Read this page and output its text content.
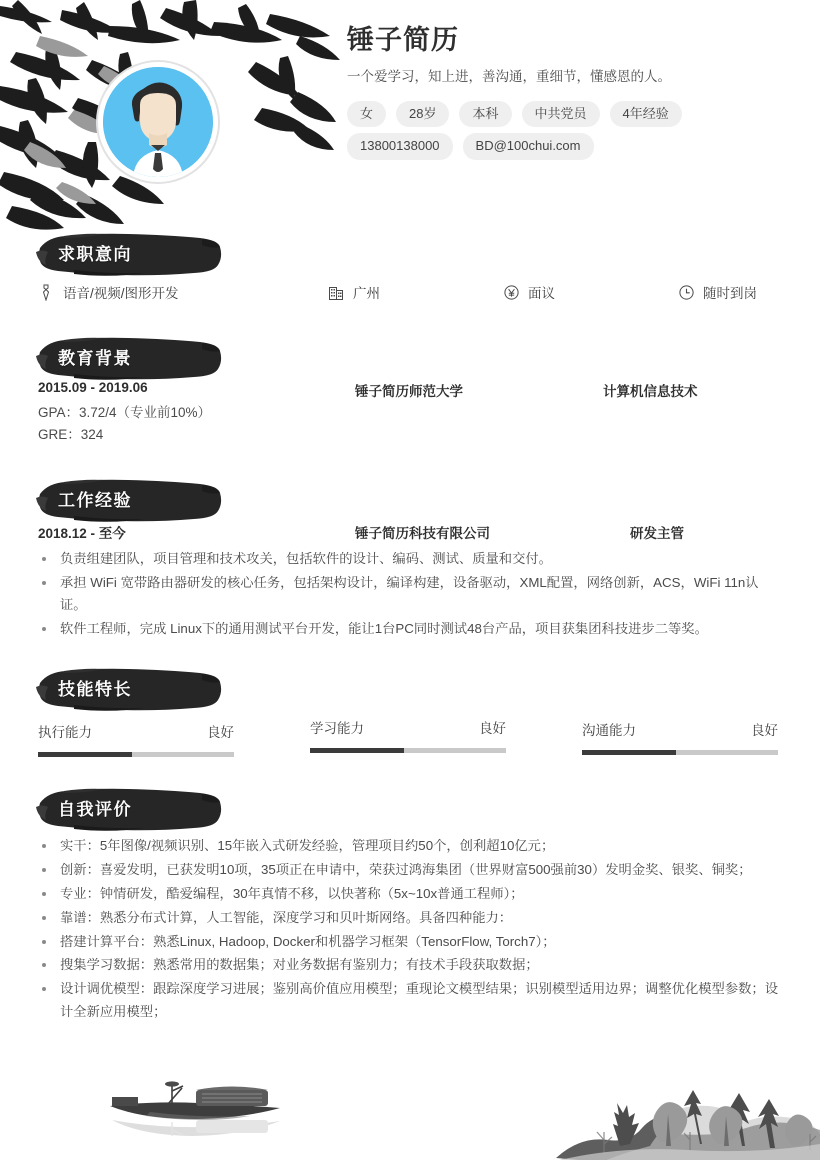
锤子简历
一个爱学习，知上进，善沟通，重细节，懂感恩的人。
女	28岁	本科	中共党员	4年经验
13800138000	BD@100chui.com
求职意向
语音/视频/图形开发	广州	面议	随时到岗
教育背景
2015.09 - 2019.06	锤子简历师范大学	计算机信息技术
GPA：3.72/4（专业前10%）
GRE：324
工作经验
2018.12 - 至今	锤子简历科技有限公司	研发主管
负责组建团队，项目管理和技术攻关，包括软件的设计、编码、测试、质量和交付。
承担 WiFi 宽带路由器研发的核心任务，包括架构设计，编译构建，设备驱动，XML配置，网络创新，ACS，WiFi 11n认证。
软件工程师，完成 Linux下的通用测试平台开发，能让1台PC同时测试48台产品，项目获集团科技进步二等奖。
技能特长
执行能力	良好	学习能力	良好	沟通能力	良好
自我评价
实干：5年图像/视频识别、15年嵌入式研发经验，管理项目约50个，创利超10亿元；
创新：喜爱发明，已获发明10项，35项正在申请中，荣获过鸿海集团（世界财富500强前30）发明金奖、银奖、铜奖；
专业：钟情研发，酷爱编程，30年真情不移，以快著称（5x~10x普通工程师）；
靠谱：熟悉分布式计算，人工智能，深度学习和贝叶斯网络。具备四种能力：
搭建计算平台：熟悉Linux, Hadoop, Docker和机器学习框架（TensorFlow, Torch7）；
搜集学习数据：熟悉常用的数据集；对业务数据有鉴别力；有技术手段获取数据；
设计调优模型：跟踪深度学习进展；鉴别高价值应用模型；重现论文模型结果；识别模型适用边界；调整优化模型参数；设计全新应用模型；
